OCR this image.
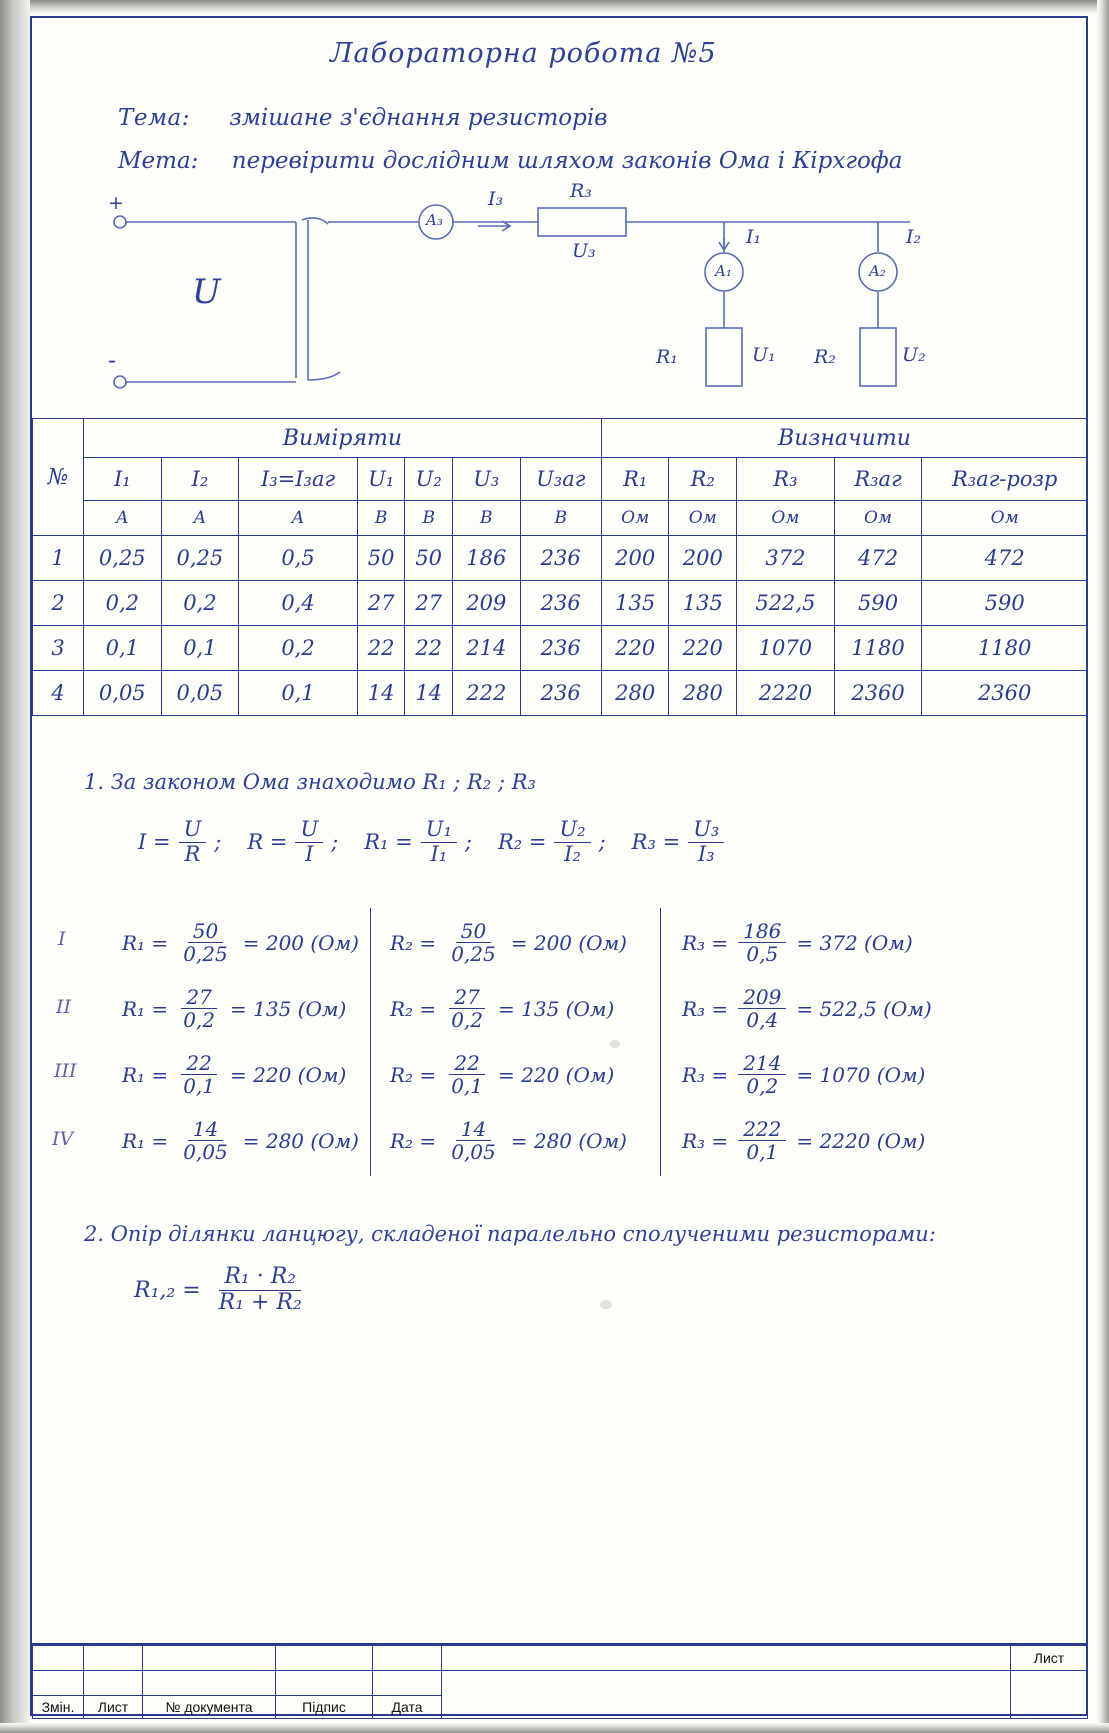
Лабораторна робота №5
Тема: змішане з'єднання резисторів
Мета: перевірити дослідним шляхом законів Ома і Кірхгофа
+
-
U
A₃
I₃	R₃
U₃
I₁	I₂
A₁	A₂
R₁	U₁ R₂	U₂
№	Виміряти							Визначити				
	I₁	I₂	I₃=I₃аг	U₁	U₂	U₃	U₃аг	R₁	R₂	R₃	R₃аг	R₃аг-розр
	A	A	A	B	B	B	B	Ом	Ом	Ом	Ом	Ом
1	0,25	0,25	0,5	50	50	186	236	200	200	372	472	472
2	0,2	0,2	0,4	27	27	209	236	135	135	522,5	590	590
3	0,1	0,1	0,2	22	22	214	236	220	220	1070	1180	1180
4	0,05	0,05	0,1	14	14	222	236	280	280	2220	2360	2360
1. За законом Ома знаходимо R₁ ; R₂ ; R₃
$I = \frac{U}{R}$ ; $R = \frac{U}{I}$ ; $R_1 = \frac{\text{U₁}}{\text{I₁}}$ ; $R_2 = \frac{\text{U₂}}{\text{I₂}}$ ; $R_3 = \frac{\text{U₃}}{\text{I₃}}$
I
II
III
IV
$R_1 = \frac{50}{0,25} = 200$ (Ом) $R_2 = \frac{50}{0,25} = 200$ (Ом)	$R_3 = \frac{186}{0,5} = 372$ (Ом)
$R_1 = \frac{27}{0,2} = 135$ (Ом) $R_2 = \frac{27}{0,2} = 135$ (Ом)	$R_3 = \frac{209}{0,4} = 522,5$ (Ом)
$R_1 = \frac{22}{0,1} = 220$ (Ом) $R_2 = \frac{22}{0,1} = 220$ (Ом)	$R_3 = \frac{214}{0,2} = 1070$ (Ом)
$R_1 = \frac{14}{0,05} = 280$ (Ом) $R_2 = \frac{14}{0,05} = 280$ (Ом)	$R_3 = \frac{222}{0,1} = 2220$ (Ом)
2. Опір ділянки ланцюгу, складеної паралельно сполученими резисторами:
$R_1,_2 = \frac{\text{R₁ · R₂}}{\text{R₁ + R₂}}$
						Лист

Змін.	Лист	№ документа	Підпис	Дата		
